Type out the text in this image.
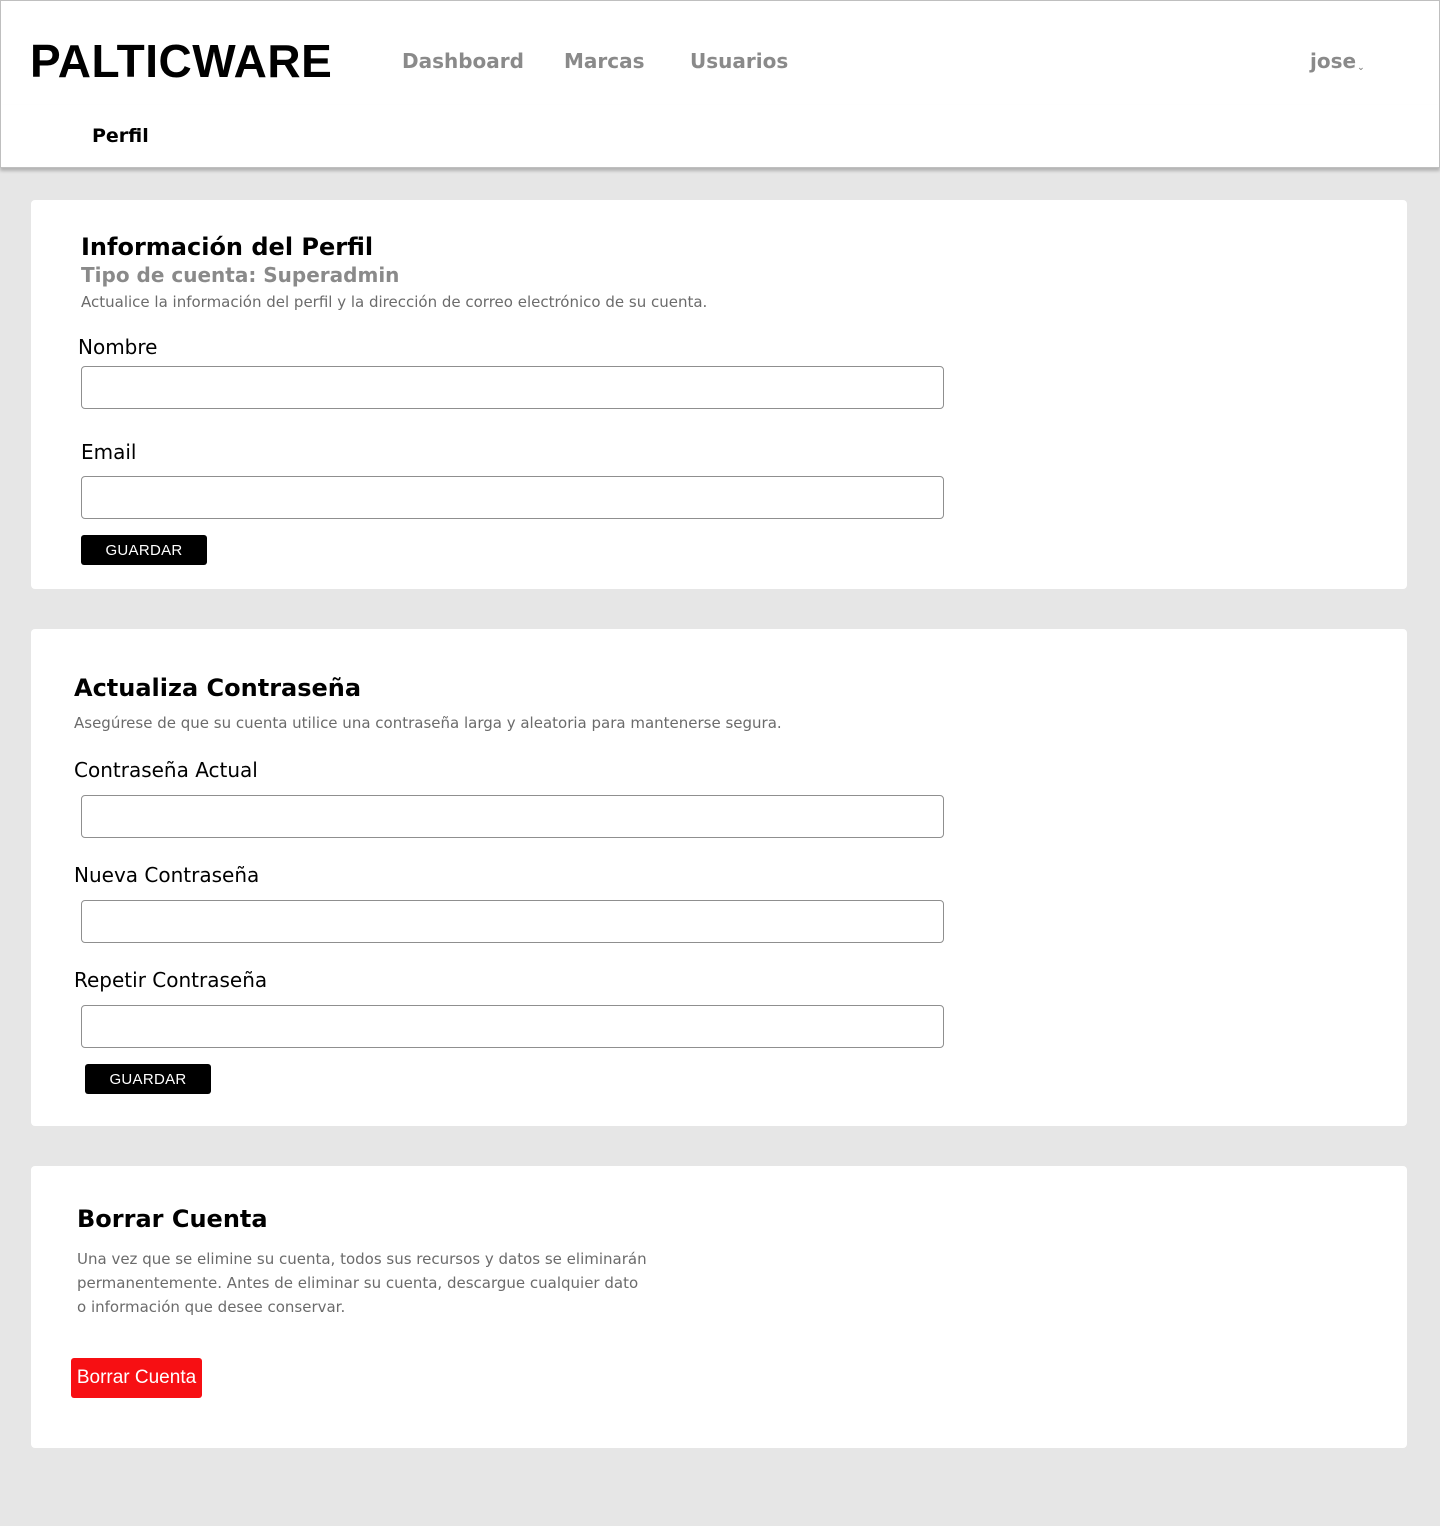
PALTICWARE	Dashboard Marcas Usuarios	jose ⌄
Perfil
Información del Perfil
Tipo de cuenta: Superadmin
Actualice la información del perfil y la dirección de correo electrónico de su cuenta.
Nombre
Email
GUARDAR
Actualiza Contraseña
Asegúrese de que su cuenta utilice una contraseña larga y aleatoria para mantenerse segura.
Contraseña Actual
Nueva Contraseña
Repetir Contraseña
GUARDAR
Borrar Cuenta
Una vez que se elimine su cuenta, todos sus recursos y datos se eliminarán
permanentemente. Antes de eliminar su cuenta, descargue cualquier dato
o información que desee conservar.
Borrar Cuenta
